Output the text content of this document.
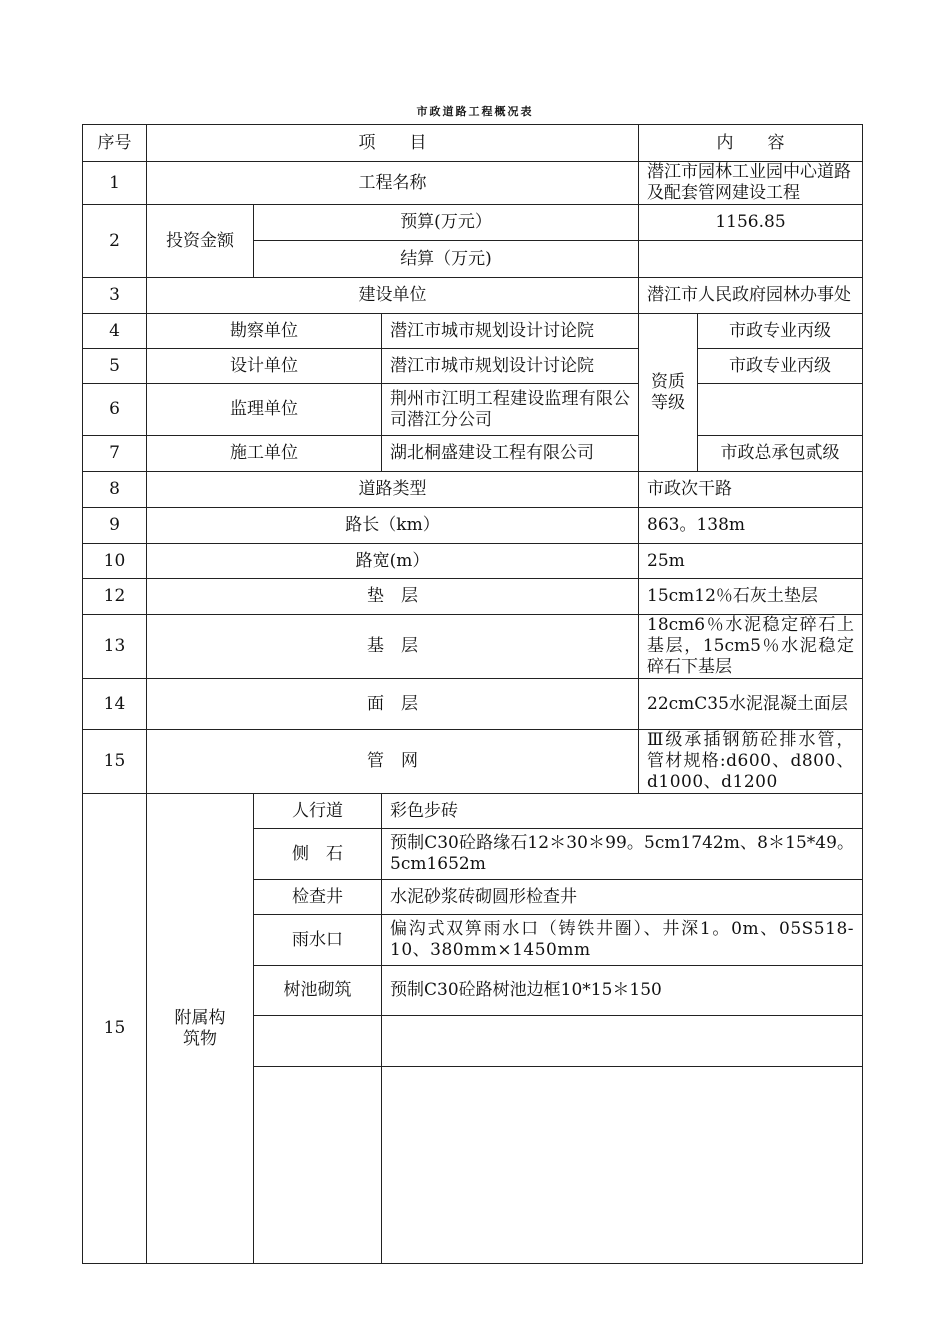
市政道路工程概况表
序号	项　　目			内　　容	
1	工程名称			潜江市园林工业园中心道路及配套管网建设工程	
2	投资金额	预算(万元）		1156.85	
		结算（万元)			
3	建设单位			潜江市人民政府园林办事处	
4	勘察单位		潜江市城市规划设计讨论院	资质等级	市政专业丙级
5	设计单位		潜江市城市规划设计讨论院		市政专业丙级
6	监理单位		荆州市江明工程建设监理有限公司潜江分公司		
7	施工单位		湖北桐盛建设工程有限公司		市政总承包贰级
8	道路类型			市政次干路	
9	路长（km）			863。138m	
10	路宽(m）			25m	
12	垫　层			15cm12％石灰土垫层	
13	基　层			18cm6％水泥稳定碎石上基层，15cm5％水泥稳定碎石下基层	
14	面　层			22cmC35水泥混凝土面层	
15	管　网			Ⅲ级承插钢筋砼排水管，管材规格:d600、d800、d1000、d1200	
15	附属构筑物	人行道	彩色步砖		
		侧　石	预制C30砼路缘石12＊30＊99。5cm1742m、8＊15*49。5cm1652m		
		检查井	水泥砂浆砖砌圆形检查井		
		雨水口	偏沟式双箅雨水口（铸铁井圈）、井深1。0m、05S518-10、380mm×1450mm		
		树池砌筑	预制C30砼路树池边框10*15＊150		
